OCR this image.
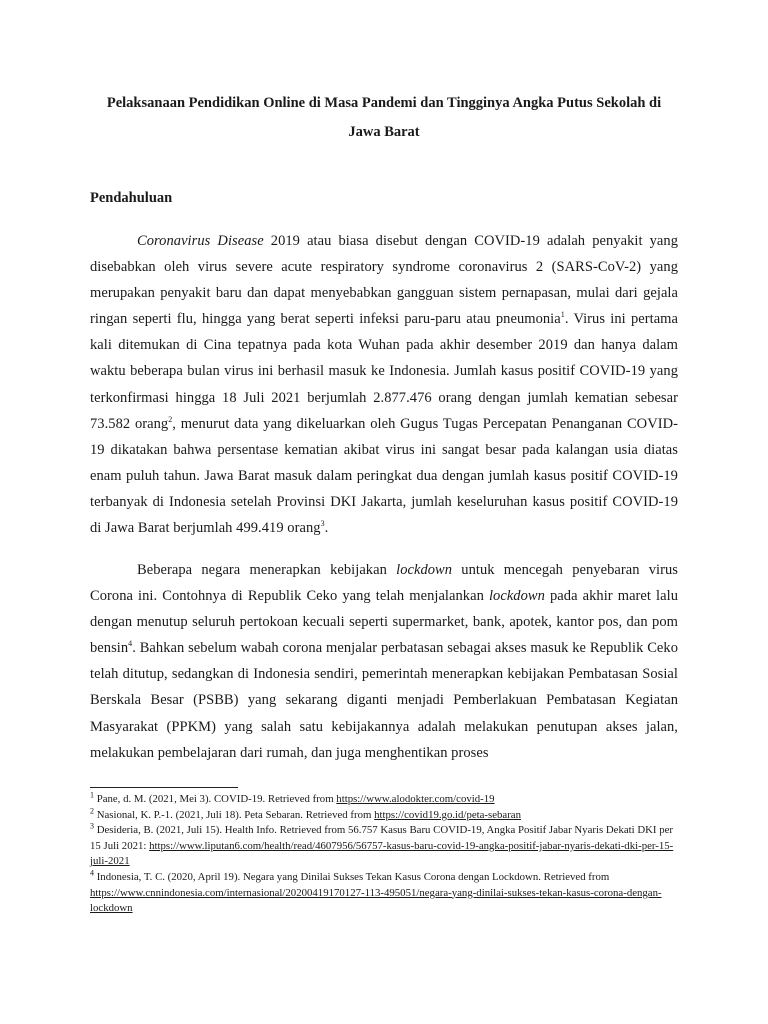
Pelaksanaan Pendidikan Online di Masa Pandemi dan Tingginya Angka Putus Sekolah di
Jawa Barat
Pendahuluan

Coronavirus Disease 2019 atau biasa disebut dengan COVID-19 adalah penyakit yang disebabkan oleh virus severe acute respiratory syndrome coronavirus 2 (SARS-CoV-2) yang merupakan penyakit baru dan dapat menyebabkan gangguan sistem pernapasan, mulai dari gejala ringan seperti flu, hingga yang berat seperti infeksi paru-paru atau pneumonia$^1$. Virus ini pertama kali ditemukan di Cina tepatnya pada kota Wuhan pada akhir desember 2019 dan hanya dalam waktu beberapa bulan virus ini berhasil masuk ke Indonesia. Jumlah kasus positif COVID-19 yang terkonfirmasi hingga 18 Juli 2021 berjumlah 2.877.476 orang dengan jumlah kematian sebesar 73.582 orang$^2$, menurut data yang dikeluarkan oleh Gugus Tugas Percepatan Penanganan COVID-19 dikatakan bahwa persentase kematian akibat virus ini sangat besar pada kalangan usia diatas enam puluh tahun. Jawa Barat masuk dalam peringkat dua dengan jumlah kasus positif COVID-19 terbanyak di Indonesia setelah Provinsi DKI Jakarta, jumlah keseluruhan kasus positif COVID-19 di Jawa Barat berjumlah 499.419 orang$^3$.

Beberapa negara menerapkan kebijakan lockdown untuk mencegah penyebaran virus Corona ini. Contohnya di Republik Ceko yang telah menjalankan lockdown pada akhir maret lalu dengan menutup seluruh pertokoan kecuali seperti supermarket, bank, apotek, kantor pos, dan pom bensin$^4$. Bahkan sebelum wabah corona menjalar perbatasan sebagai akses masuk ke Republik Ceko telah ditutup, sedangkan di Indonesia sendiri, pemerintah menerapkan kebijakan Pembatasan Sosial Berskala Besar (PSBB) yang sekarang diganti menjadi Pemberlakuan Pembatasan Kegiatan Masyarakat (PPKM) yang salah satu kebijakannya adalah melakukan penutupan akses jalan, melakukan pembelajaran dari rumah, dan juga menghentikan proses

$^1$ Pane, d. M. (2021, Mei 3). COVID-19. Retrieved from https://www.alodokter.com/covid-19
$^2$ Nasional, K. P.-1. (2021, Juli 18). Peta Sebaran. Retrieved from https://covid19.go.id/peta-sebaran
$^3$ Desideria, B. (2021, Juli 15). Health Info. Retrieved from 56.757 Kasus Baru COVID-19, Angka Positif Jabar Nyaris Dekati DKI per 15 Juli 2021: https://www.liputan6.com/health/read/4607956/56757-kasus-baru-covid-19-angka-positif-jabar-nyaris-dekati-dki-per-15-juli-2021
$^4$ Indonesia, T. C. (2020, April 19). Negara yang Dinilai Sukses Tekan Kasus Corona dengan Lockdown. Retrieved from https://www.cnnindonesia.com/internasional/20200419170127-113-495051/negara-yang-dinilai-sukses-tekan-kasus-corona-dengan-lockdown
